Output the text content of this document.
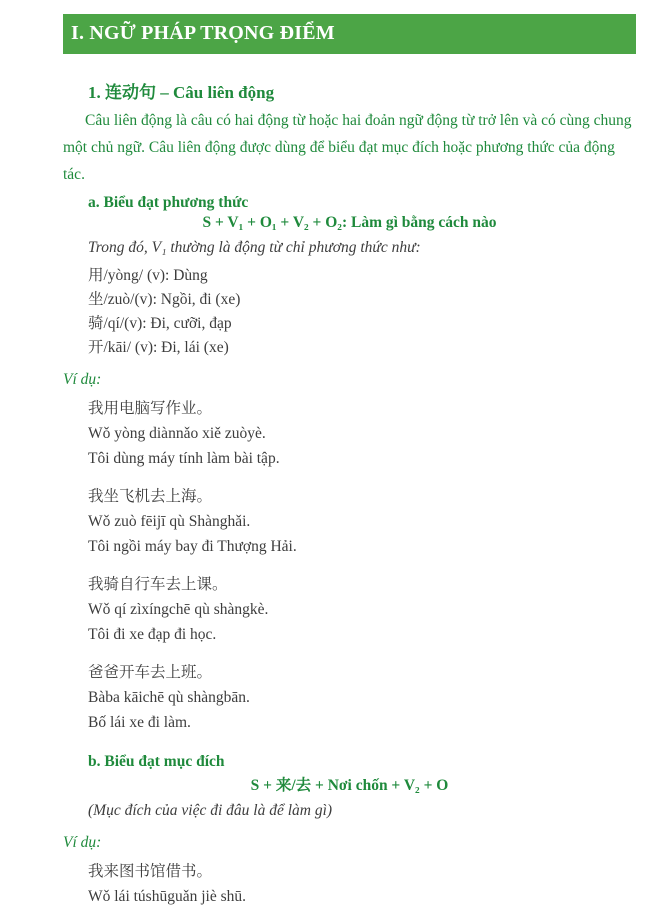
I. NGỮ PHÁP TRỌNG ĐIỂM
1. 连动句 – Câu liên động

Câu liên động là câu có hai động từ hoặc hai đoản ngữ động từ trở lên và có cùng chung một chủ ngữ. Câu liên động được dùng để biểu đạt mục đích hoặc phương thức của động tác.

a. Biểu đạt phương thức

S + V₁ + O₁ + V₂ + O₂: Làm gì bằng cách nào

Trong đó, V₁ thường là động từ chỉ phương thức như:

用/yòng/ (v): Dùng

坐/zuò/(v): Ngồi, đi (xe)

骑/qí/(v): Đi, cưỡi, đạp

开/kāi/ (v): Đi, lái (xe)

Ví dụ:

我用电脑写作业。

Wǒ yòng diànnǎo xiě zuòyè.

Tôi dùng máy tính làm bài tập.

我坐飞机去上海。

Wǒ zuò fēijī qù Shànghǎi.

Tôi ngồi máy bay đi Thượng Hải.

我骑自行车去上课。

Wǒ qí zìxíngchē qù shàngkè.

Tôi đi xe đạp đi học.

爸爸开车去上班。

Bàba kāichē qù shàngbān.

Bố lái xe đi làm.

b. Biểu đạt mục đích

S + 来/去 + Nơi chốn + V₂ + O

(Mục đích của việc đi đâu là để làm gì)

Ví dụ:

我来图书馆借书。

Wǒ lái túshūguǎn jiè shū.
